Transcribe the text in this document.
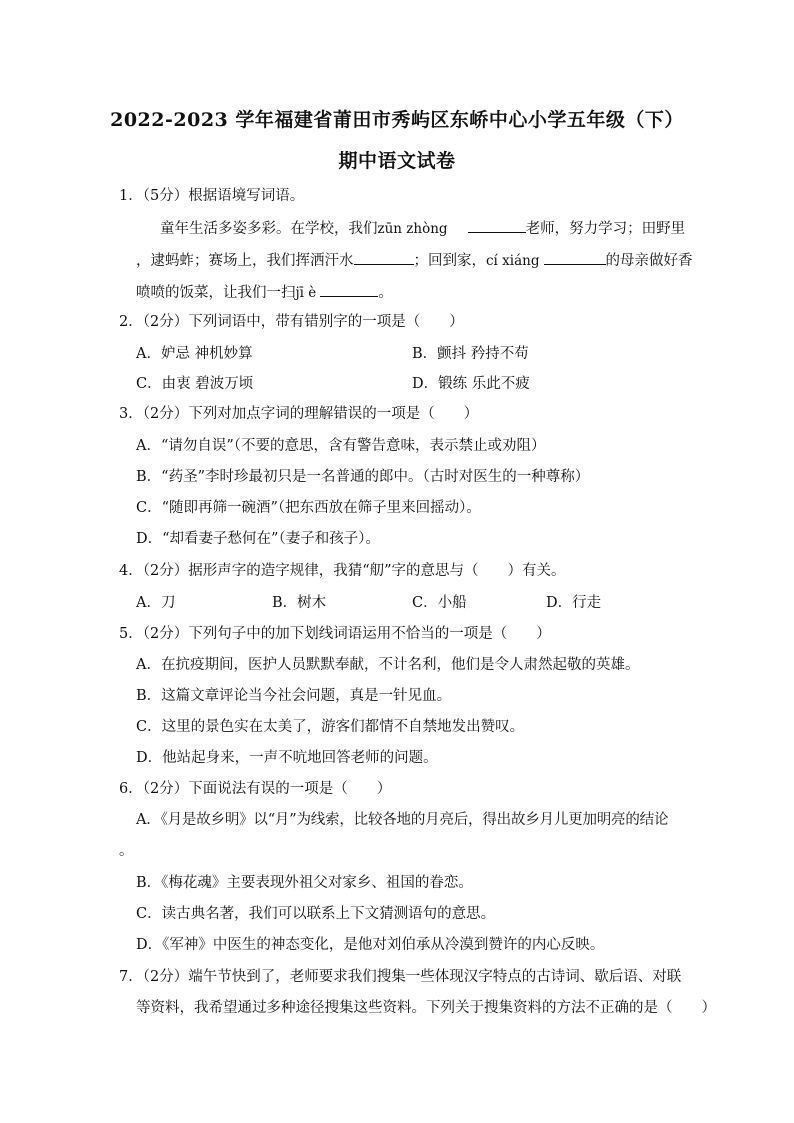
2022-2023 学年福建省莆田市秀屿区东峤中心小学五年级（下）
期中语文试卷
1．（5分）根据语境写词语。
童年生活多姿多彩。在学校，我们zūn zhòng	老师，努力学习；田野里
，逮蚂蚱；赛场上，我们挥洒汗水	；回到家，cí xiáng	的母亲做好香
喷喷的饭菜，让我们一扫jī è	。
2．（2分）下列词语中，带有错别字的一项是（　　）
A．妒忌 神机妙算	B．颤抖 矜持不苟
C．由衷 碧波万顷	D．锻练 乐此不疲
3．（2分）下列对加点字词的理解错误的一项是（　　）
A．“请勿自误”（不要的意思，含有警告意味，表示禁止或劝阻）
B．“药圣”李时珍最初只是一名普通的郎中。（古时对医生的一种尊称）
C．“随即再筛一碗酒”（把东西放在筛子里来回摇动）。
D．“却看妻子愁何在”（妻子和孩子）。
4．（2分）据形声字的造字规律，我猜“舠”字的意思与（　　）有关。
A．刀	B．树木	C．小船	D．行走
5．（2分）下列句子中的加下划线词语运用不恰当的一项是（　　）
A．在抗疫期间，医护人员默默奉献，不计名利，他们是令人肃然起敬的英雄。
B．这篇文章评论当今社会问题，真是一针见血。
C．这里的景色实在太美了，游客们都情不自禁地发出赞叹。
D．他站起身来，一声不吭地回答老师的问题。
6．（2分）下面说法有误的一项是（　　）
A．《月是故乡明》以“月”为线索，比较各地的月亮后，得出故乡月儿更加明亮的结论
。
B．《梅花魂》主要表现外祖父对家乡、祖国的眷恋。
C．读古典名著，我们可以联系上下文猜测语句的意思。
D．《军神》中医生的神态变化，是他对刘伯承从冷漠到赞许的内心反映。
7．（2分）端午节快到了，老师要求我们搜集一些体现汉字特点的古诗词、歇后语、对联
等资料，我希望通过多种途径搜集这些资料。下列关于搜集资料的方法不正确的是（　　）
